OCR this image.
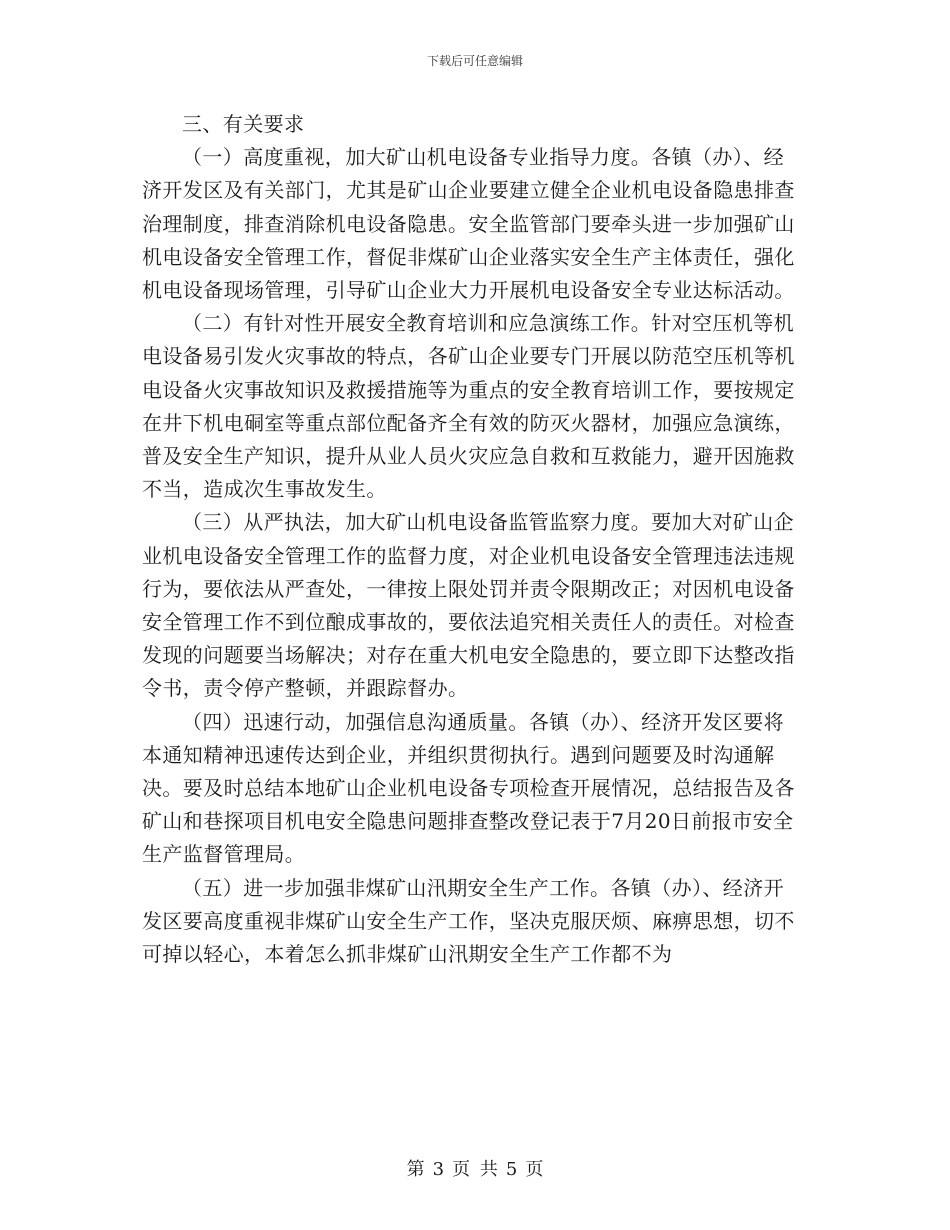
下载后可任意编辑

三、有关要求

（一）高度重视，加大矿山机电设备专业指导力度。各镇（办）、经济开发区及有关部门，尤其是矿山企业要建立健全企业机电设备隐患排查治理制度，排查消除机电设备隐患。安全监管部门要牵头进一步加强矿山机电设备安全管理工作，督促非煤矿山企业落实安全生产主体责任，强化机电设备现场管理，引导矿山企业大力开展机电设备安全专业达标活动。

（二）有针对性开展安全教育培训和应急演练工作。针对空压机等机电设备易引发火灾事故的特点，各矿山企业要专门开展以防范空压机等机电设备火灾事故知识及救援措施等为重点的安全教育培训工作，要按规定在井下机电硐室等重点部位配备齐全有效的防灭火器材，加强应急演练，普及安全生产知识，提升从业人员火灾应急自救和互救能力，避开因施救不当，造成次生事故发生。

（三）从严执法，加大矿山机电设备监管监察力度。要加大对矿山企业机电设备安全管理工作的监督力度，对企业机电设备安全管理违法违规行为，要依法从严查处，一律按上限处罚并责令限期改正；对因机电设备安全管理工作不到位酿成事故的，要依法追究相关责任人的责任。对检查发现的问题要当场解决；对存在重大机电安全隐患的，要立即下达整改指令书，责令停产整顿，并跟踪督办。

（四）迅速行动，加强信息沟通质量。各镇（办）、经济开发区要将本通知精神迅速传达到企业，并组织贯彻执行。遇到问题要及时沟通解决。要及时总结本地矿山企业机电设备专项检查开展情况，总结报告及各矿山和巷探项目机电安全隐患问题排查整改登记表于7月20日前报市安全生产监督管理局。

（五）进一步加强非煤矿山汛期安全生产工作。各镇（办）、经济开发区要高度重视非煤矿山安全生产工作，坚决克服厌烦、麻痹思想，切不可掉以轻心，本着怎么抓非煤矿山汛期安全生产工作都不为

第 3 页 共 5 页
